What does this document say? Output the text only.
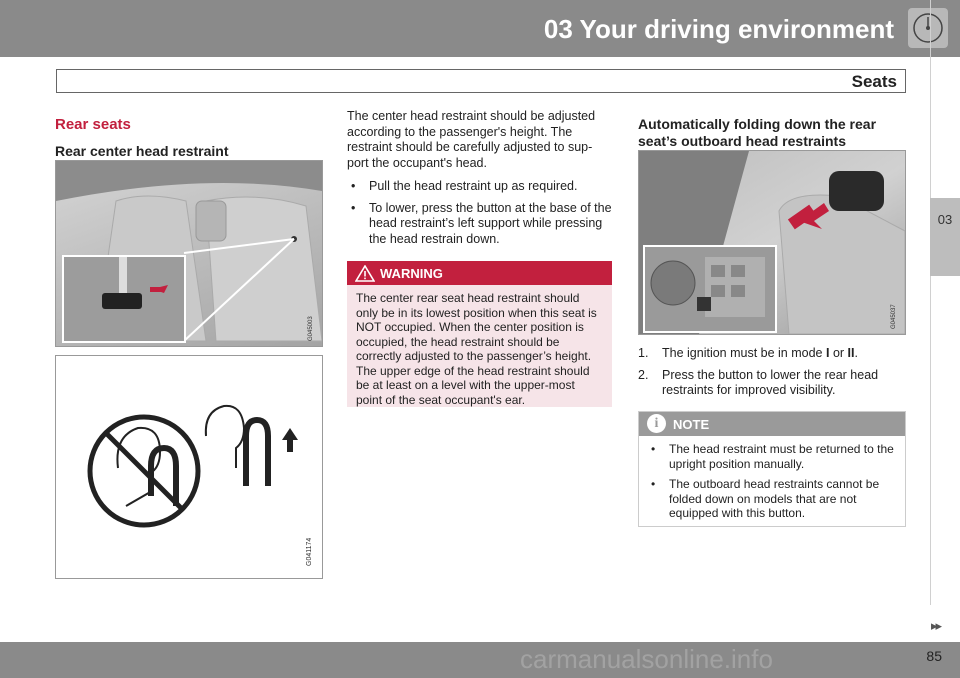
03 Your driving environment
Seats
03
Rear seats
Rear center head restraint
G045003
G041174

The center head restraint should be adjusted according to the passenger's height. The restraint should be carefully adjusted to sup-port the occupant's head.

• Pull the head restraint up as required.
• To lower, press the button at the base of the head restraint’s left support while pressing the head restrain down.
WARNING
The center rear seat head restraint should only be in its lowest position when this seat is NOT occupied. When the center position is occupied, the head restraint should be correctly adjusted to the passenger’s height. The upper edge of the head restraint should be at least on a level with the upper-most point of the seat occupant's ear.
Automatically folding down the rear seat’s outboard head restraints
G045037
1. The ignition must be in mode I or II.
2. Press the button to lower the rear head restraints for improved visibility.
i	NOTE
• The head restraint must be returned to the upright position manually.
• The outboard head restraints cannot be folded down on models that are not equipped with this button.
▸▸
carmanualsonline.info	85
